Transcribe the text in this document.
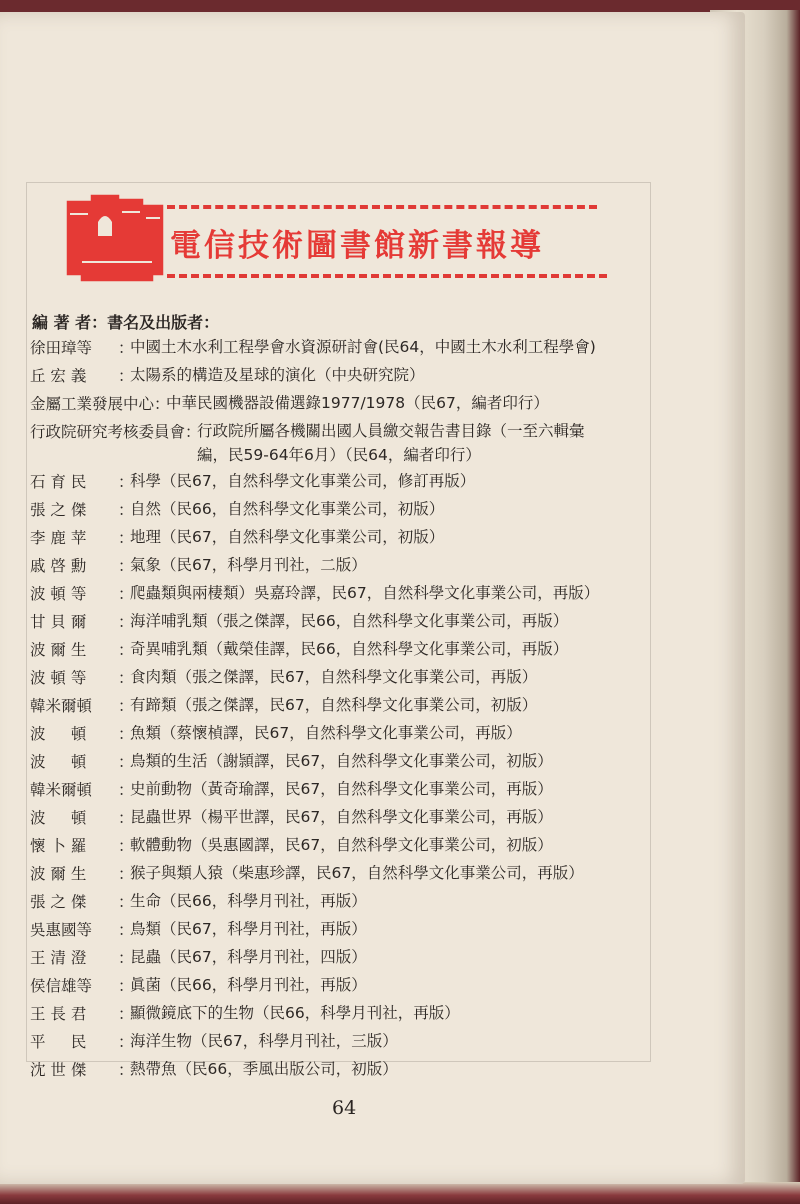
電信技術圖書館新書報導
編 著 者：書名及出版者：
徐田璋等	：
中國土木水利工程學會水資源研討會(民64，中國土木水利工程學會)
丘 宏 義	：
太陽系的構造及星球的演化（中央研究院）
金屬工業發展中心 ：
中華民國機器設備選錄1977/1978（民67，編者印行）
行政院研究考核委員會 ：
行政院所屬各機關出國人員繳交報告書目錄（一至六輯彙編，民59-64年6月）（民64，編者印行）
石 育 民	：
科學（民67，自然科學文化事業公司，修訂再版）
張 之 傑	：
自然（民66，自然科學文化事業公司，初版）
李 鹿 苹	：
地理（民67，自然科學文化事業公司，初版）
戚 啓 勳	：
氣象（民67，科學月刊社，二版）
波 頓 等	：
爬蟲類與兩棲類）吳嘉玲譯，民67，自然科學文化事業公司，再版）
甘 貝 爾	：
海洋哺乳類（張之傑譯，民66，自然科學文化事業公司，再版）
波 爾 生	：
奇異哺乳類（戴榮佳譯，民66，自然科學文化事業公司，再版）
波 頓 等	：
食肉類（張之傑譯，民67，自然科學文化事業公司，再版）
韓米爾頓	：
有蹄類（張之傑譯，民67，自然科學文化事業公司，初版）
波 　 頓	：
魚類（蔡懷楨譯，民67，自然科學文化事業公司，再版）
波 　 頓	：
鳥類的生活（謝頴譯，民67，自然科學文化事業公司，初版）
韓米爾頓	：
史前動物（黃奇瑜譯，民67，自然科學文化事業公司，再版）
波 　 頓	：
昆蟲世界（楊平世譯，民67，自然科學文化事業公司，再版）
懷 卜 羅	：
軟體動物（吳惠國譯，民67，自然科學文化事業公司，初版）
波 爾 生	：
猴子與類人猿（柴惠珍譯，民67，自然科學文化事業公司，再版）
張 之 傑	：
生命（民66，科學月刊社，再版）
吳惠國等	：
鳥類（民67，科學月刊社，再版）
王 清 澄	：
昆蟲（民67，科學月刊社，四版）
侯信雄等	：
眞菌（民66，科學月刊社，再版）
王 長 君	：
顯微鏡底下的生物（民66，科學月刊社，再版）
平 　 民	：
海洋生物（民67，科學月刊社，三版）
沈 世 傑	：
熱帶魚（民66，季風出版公司，初版）
64
